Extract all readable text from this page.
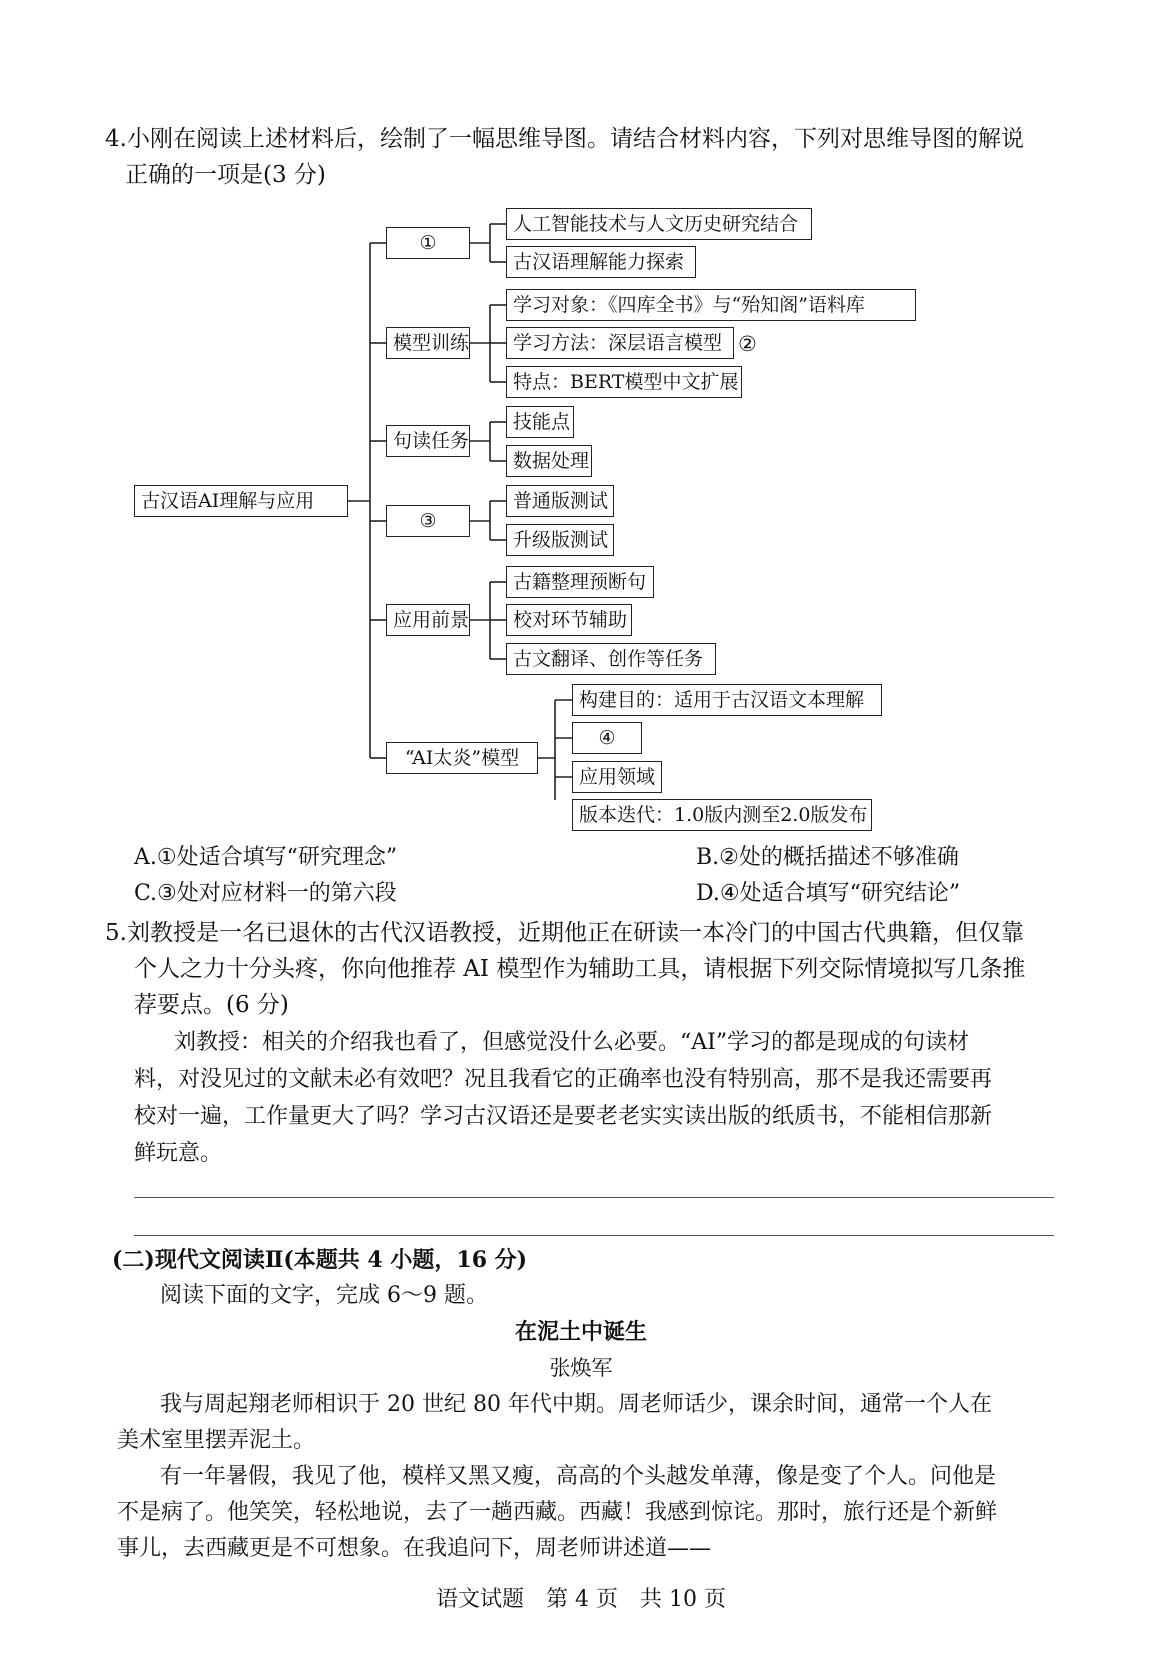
4.小刚在阅读上述材料后，绘制了一幅思维导图。请结合材料内容，下列对思维导图的解说
正确的一项是(3 分)
古汉语AI理解与应用
①
人工智能技术与人文历史研究结合
古汉语理解能力探索
模型训练
学习对象：《四库全书》与“殆知阁”语料库
学习方法：深层语言模型 ②
特点：BERT模型中文扩展
句读任务
技能点
数据处理
③
普通版测试
升级版测试
应用前景
古籍整理预断句
校对环节辅助
古文翻译、创作等任务
“AI太炎”模型
构建目的：适用于古汉语文本理解
④
应用领域
版本迭代：1.0版内测至2.0版发布
A.①处适合填写“研究理念”	B.②处的概括描述不够准确
C.③处对应材料一的第六段	D.④处适合填写“研究结论”
5.刘教授是一名已退休的古代汉语教授，近期他正在研读一本冷门的中国古代典籍，但仅靠
个人之力十分头疼，你向他推荐 AI 模型作为辅助工具，请根据下列交际情境拟写几条推
荐要点。(6 分)
刘教授：相关的介绍我也看了，但感觉没什么必要。“AI”学习的都是现成的句读材
料，对没见过的文献未必有效吧？况且我看它的正确率也没有特别高，那不是我还需要再
校对一遍，工作量更大了吗？学习古汉语还是要老老实实读出版的纸质书，不能相信那新
鲜玩意。
(二)现代文阅读Ⅱ(本题共 4 小题，16 分)
阅读下面的文字，完成 6～9 题。
在泥土中诞生
张焕军
我与周起翔老师相识于 20 世纪 80 年代中期。周老师话少，课余时间，通常一个人在
美术室里摆弄泥土。
有一年暑假，我见了他，模样又黑又瘦，高高的个头越发单薄，像是变了个人。问他是
不是病了。他笑笑，轻松地说，去了一趟西藏。西藏！我感到惊诧。那时，旅行还是个新鲜
事儿，去西藏更是不可想象。在我追问下，周老师讲述道——
语文试题　第 4 页　共 10 页
